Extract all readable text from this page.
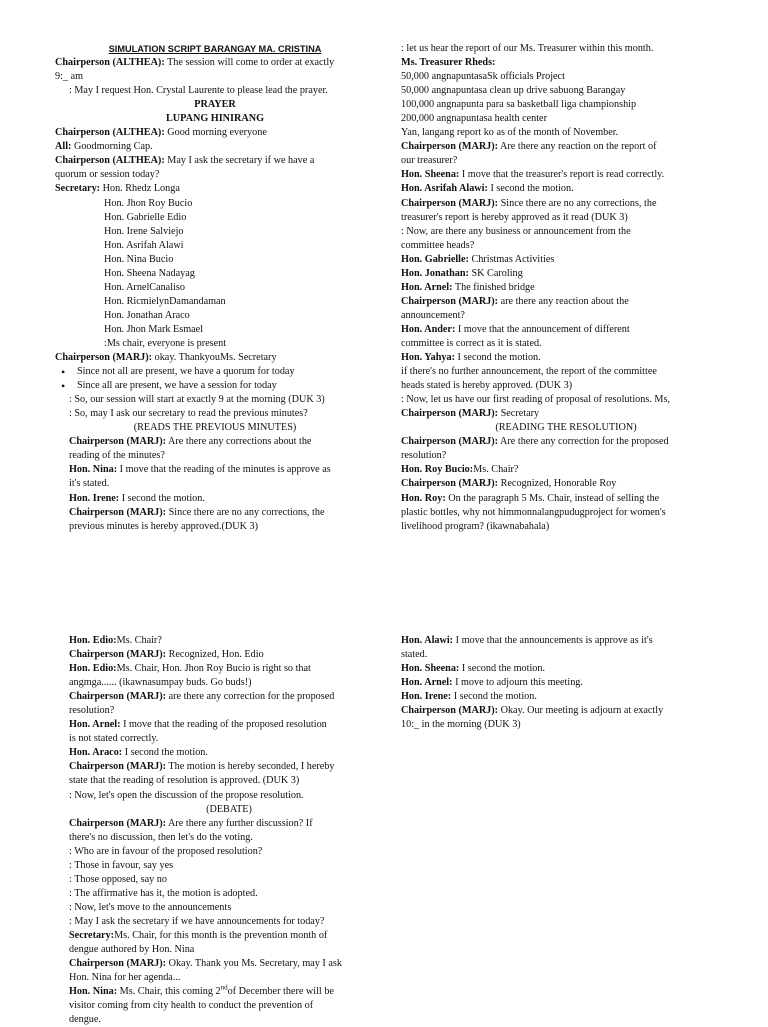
SIMULATION SCRIPT BARANGAY MA. CRISTINA
Chairperson (ALTHEA): The session will come to order at exactly
9:_ am
: May I request Hon. Crystal Laurente to please lead the prayer.
PRAYER
LUPANG HINIRANG
Chairperson (ALTHEA): Good morning everyone
All: Goodmorning Cap.
Chairperson (ALTHEA): May I ask the secretary if we have a
quorum or session today?
Secretary: Hon. Rhedz Longa
Hon. Jhon Roy Bucio
Hon. Gabrielle Edio
Hon. Irene Salviejo
Hon. Asrifah Alawi
Hon. Nina Bucio
Hon. Sheena Nadayag
Hon. ArnelCanaliso
Hon. RicmielynDamandaman
Hon. Jonathan Araco
Hon. Jhon Mark Esmael
:Ms chair, everyone is present
Chairperson (MARJ): okay. ThankyouMs. Secretary
• Since not all are present, we have a quorum for today
• Since all are present, we have a session for today
: So, our session will start at exactly 9 at the morning (DUK 3)
: So, may I ask our secretary to read the previous minutes?
(READS THE PREVIOUS MINUTES)
Chairperson (MARJ): Are there any corrections about the
reading of the minutes?
Hon. Nina: I move that the reading of the minutes is approve as
it's stated.
Hon. Irene: I second the motion.
Chairperson (MARJ): Since there are no any corrections, the
previous minutes is hereby approved.(DUK 3)
: let us hear the report of our Ms. Treasurer within this month.
Ms. Treasurer Rheds:
50,000 angnapuntasaSk officials Project
50,000 angnapuntasa clean up drive sabuong Barangay
100,000 angnapunta para sa basketball liga championship
200,000 angnapuntasa health center
Yan, langang report ko as of the month of November.
Chairperson (MARJ): Are there any reaction on the report of
our treasurer?
Hon. Sheena: I move that the treasurer's report is read correctly.
Hon. Asrifah Alawi: I second the motion.
Chairperson (MARJ): Since there are no any corrections, the
treasurer's report is hereby approved as it read (DUK 3)
: Now, are there any business or announcement from the
committee heads?
Hon. Gabrielle: Christmas Activities
Hon. Jonathan: SK Caroling
Hon. Arnel: The finished bridge
Chairperson (MARJ): are there any reaction about the
announcement?
Hon. Ander: I move that the announcement of different
committee is correct as it is stated.
Hon. Yahya: I second the motion.
if there's no further announcement, the report of the committee
heads stated is hereby approved. (DUK 3)
: Now, let us have our first reading of proposal of resolutions. Ms,
Chairperson (MARJ): Secretary
(READING THE RESOLUTION)
Chairperson (MARJ): Are there any correction for the proposed
resolution?
Hon. Roy Bucio:Ms. Chair?
Chairperson (MARJ): Recognized, Honorable Roy
Hon. Roy: On the paragraph 5 Ms. Chair, instead of selling the
plastic bottles, why not himmonnalangpudugproject for women's
livelihood program? (ikawnabahala)
Hon. Edio:Ms. Chair?
Chairperson (MARJ): Recognized, Hon. Edio
Hon. Edio:Ms. Chair, Hon. Jhon Roy Bucio is right so that
angmga...... (ikawnasumpay buds. Go buds!)
Chairperson (MARJ): are there any correction for the proposed
resolution?
Hon. Arnel: I move that the reading of the proposed resolution
is not stated correctly.
Hon. Araco: I second the motion.
Chairperson (MARJ): The motion is hereby seconded, I hereby
state that the reading of resolution is approved. (DUK 3)
: Now, let's open the discussion of the propose resolution.
(DEBATE)
Chairperson (MARJ): Are there any further discussion? If
there's no discussion, then let's do the voting.
: Who are in favour of the proposed resolution?
: Those in favour, say yes
: Those opposed, say no
: The affirmative has it, the motion is adopted.
: Now, let's move to the announcements
: May I ask the secretary if we have announcements for today?
Secretary:Ms. Chair, for this month is the prevention month of
dengue authored by Hon. Nina
Chairperson (MARJ): Okay. Thank you Ms. Secretary, may I ask
Hon. Nina for her agenda...
Hon. Nina: Ms. Chair, this coming 2ndof December there will be
visitor coming from city health to conduct the prevention of
dengue.
Hon. Alawi: I move that the announcements is approve as it's
stated.
Hon. Sheena: I second the motion.
Hon. Arnel: I move to adjourn this meeting.
Hon. Irene: I second the motion.
Chairperson (MARJ): Okay. Our meeting is adjourn at exactly
10:_ in the morning (DUK 3)
